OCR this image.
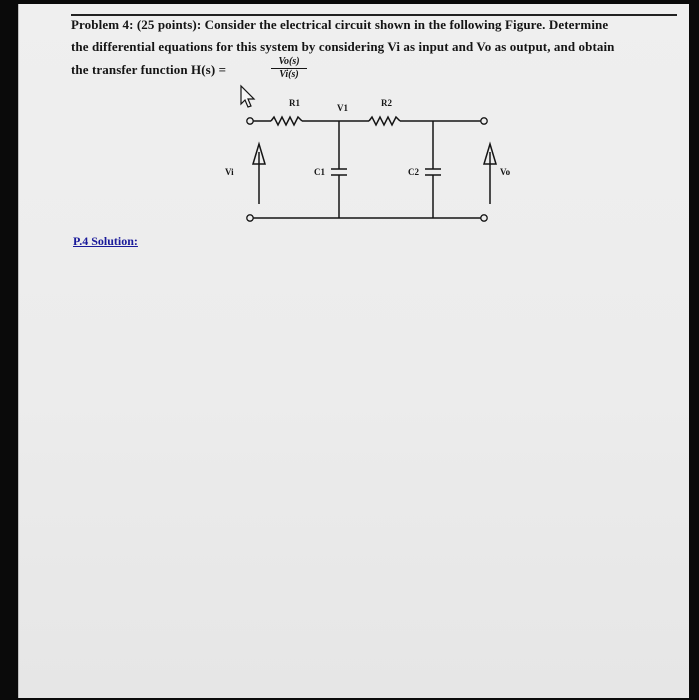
Problem 4: (25 points): Consider the electrical circuit shown in the following Figure. Determine
the differential equations for this system by considering Vi as input and Vo as output, and obtain
the transfer function H(s) =	$\frac{Vo(s)}{Vi(s)}$
R1	V1	R2
Vi	C1	C2	Vo
P.4 Solution:
